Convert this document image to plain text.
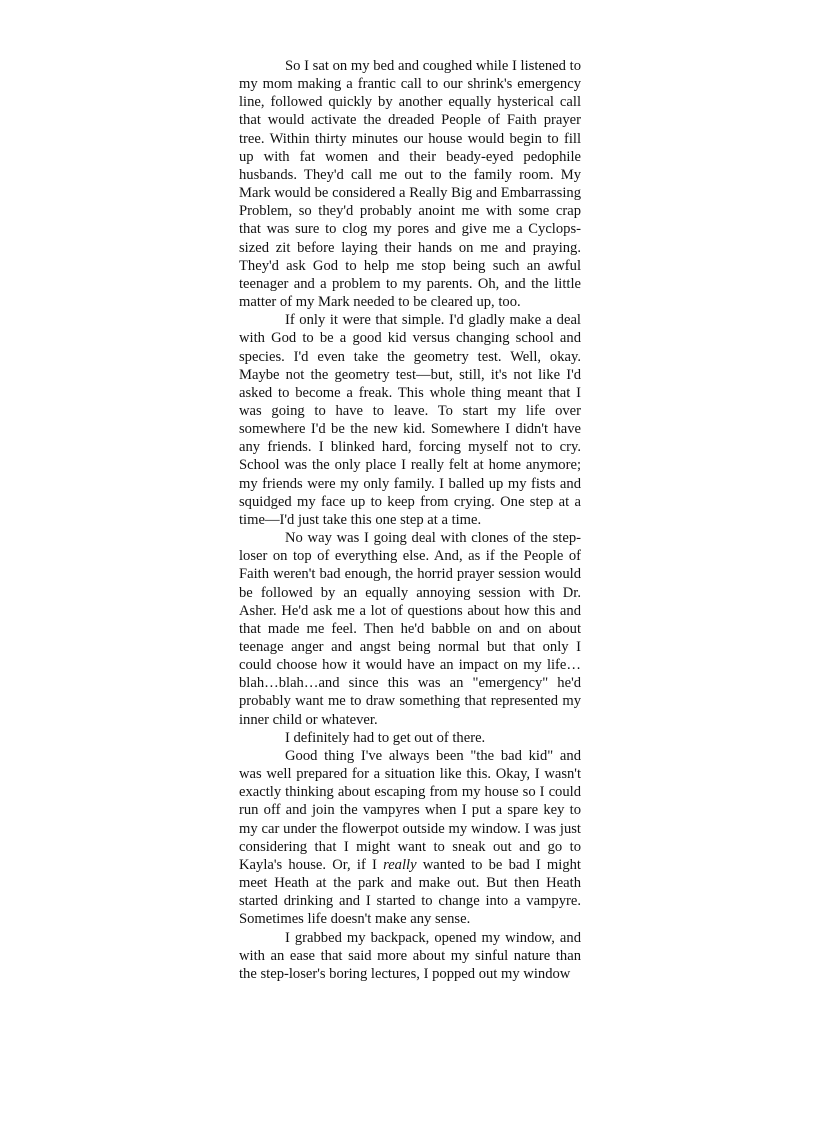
So I sat on my bed and coughed while I listened to my mom making a frantic call to our shrink's emergency line, followed quickly by another equally hysterical call that would activate the dreaded People of Faith prayer tree. Within thirty minutes our house would begin to fill up with fat women and their beady-eyed pedophile husbands. They'd call me out to the family room. My Mark would be considered a Really Big and Embarrassing Problem, so they'd probably anoint me with some crap that was sure to clog my pores and give me a Cyclops-sized zit before laying their hands on me and praying. They'd ask God to help me stop being such an awful teenager and a problem to my parents. Oh, and the little matter of my Mark needed to be cleared up, too.

If only it were that simple. I'd gladly make a deal with God to be a good kid versus changing school and species. I'd even take the geometry test. Well, okay. Maybe not the geometry test—but, still, it's not like I'd asked to become a freak. This whole thing meant that I was going to have to leave. To start my life over somewhere I'd be the new kid. Somewhere I didn't have any friends. I blinked hard, forcing myself not to cry. School was the only place I really felt at home anymore; my friends were my only family. I balled up my fists and squidged my face up to keep from crying. One step at a time—I'd just take this one step at a time.

No way was I going deal with clones of the step-loser on top of everything else. And, as if the People of Faith weren't bad enough, the horrid prayer session would be followed by an equally annoying session with Dr. Asher. He'd ask me a lot of questions about how this and that made me feel. Then he'd babble on and on about teenage anger and angst being normal but that only I could choose how it would have an impact on my life…blah…blah…and since this was an "emergency" he'd probably want me to draw something that represented my inner child or whatever.

I definitely had to get out of there.

Good thing I've always been "the bad kid" and was well prepared for a situation like this. Okay, I wasn't exactly thinking about escaping from my house so I could run off and join the vampyres when I put a spare key to my car under the flowerpot outside my window. I was just considering that I might want to sneak out and go to Kayla's house. Or, if I really wanted to be bad I might meet Heath at the park and make out. But then Heath started drinking and I started to change into a vampyre. Sometimes life doesn't make any sense.

I grabbed my backpack, opened my window, and with an ease that said more about my sinful nature than the step-loser's boring lectures, I popped out my window
